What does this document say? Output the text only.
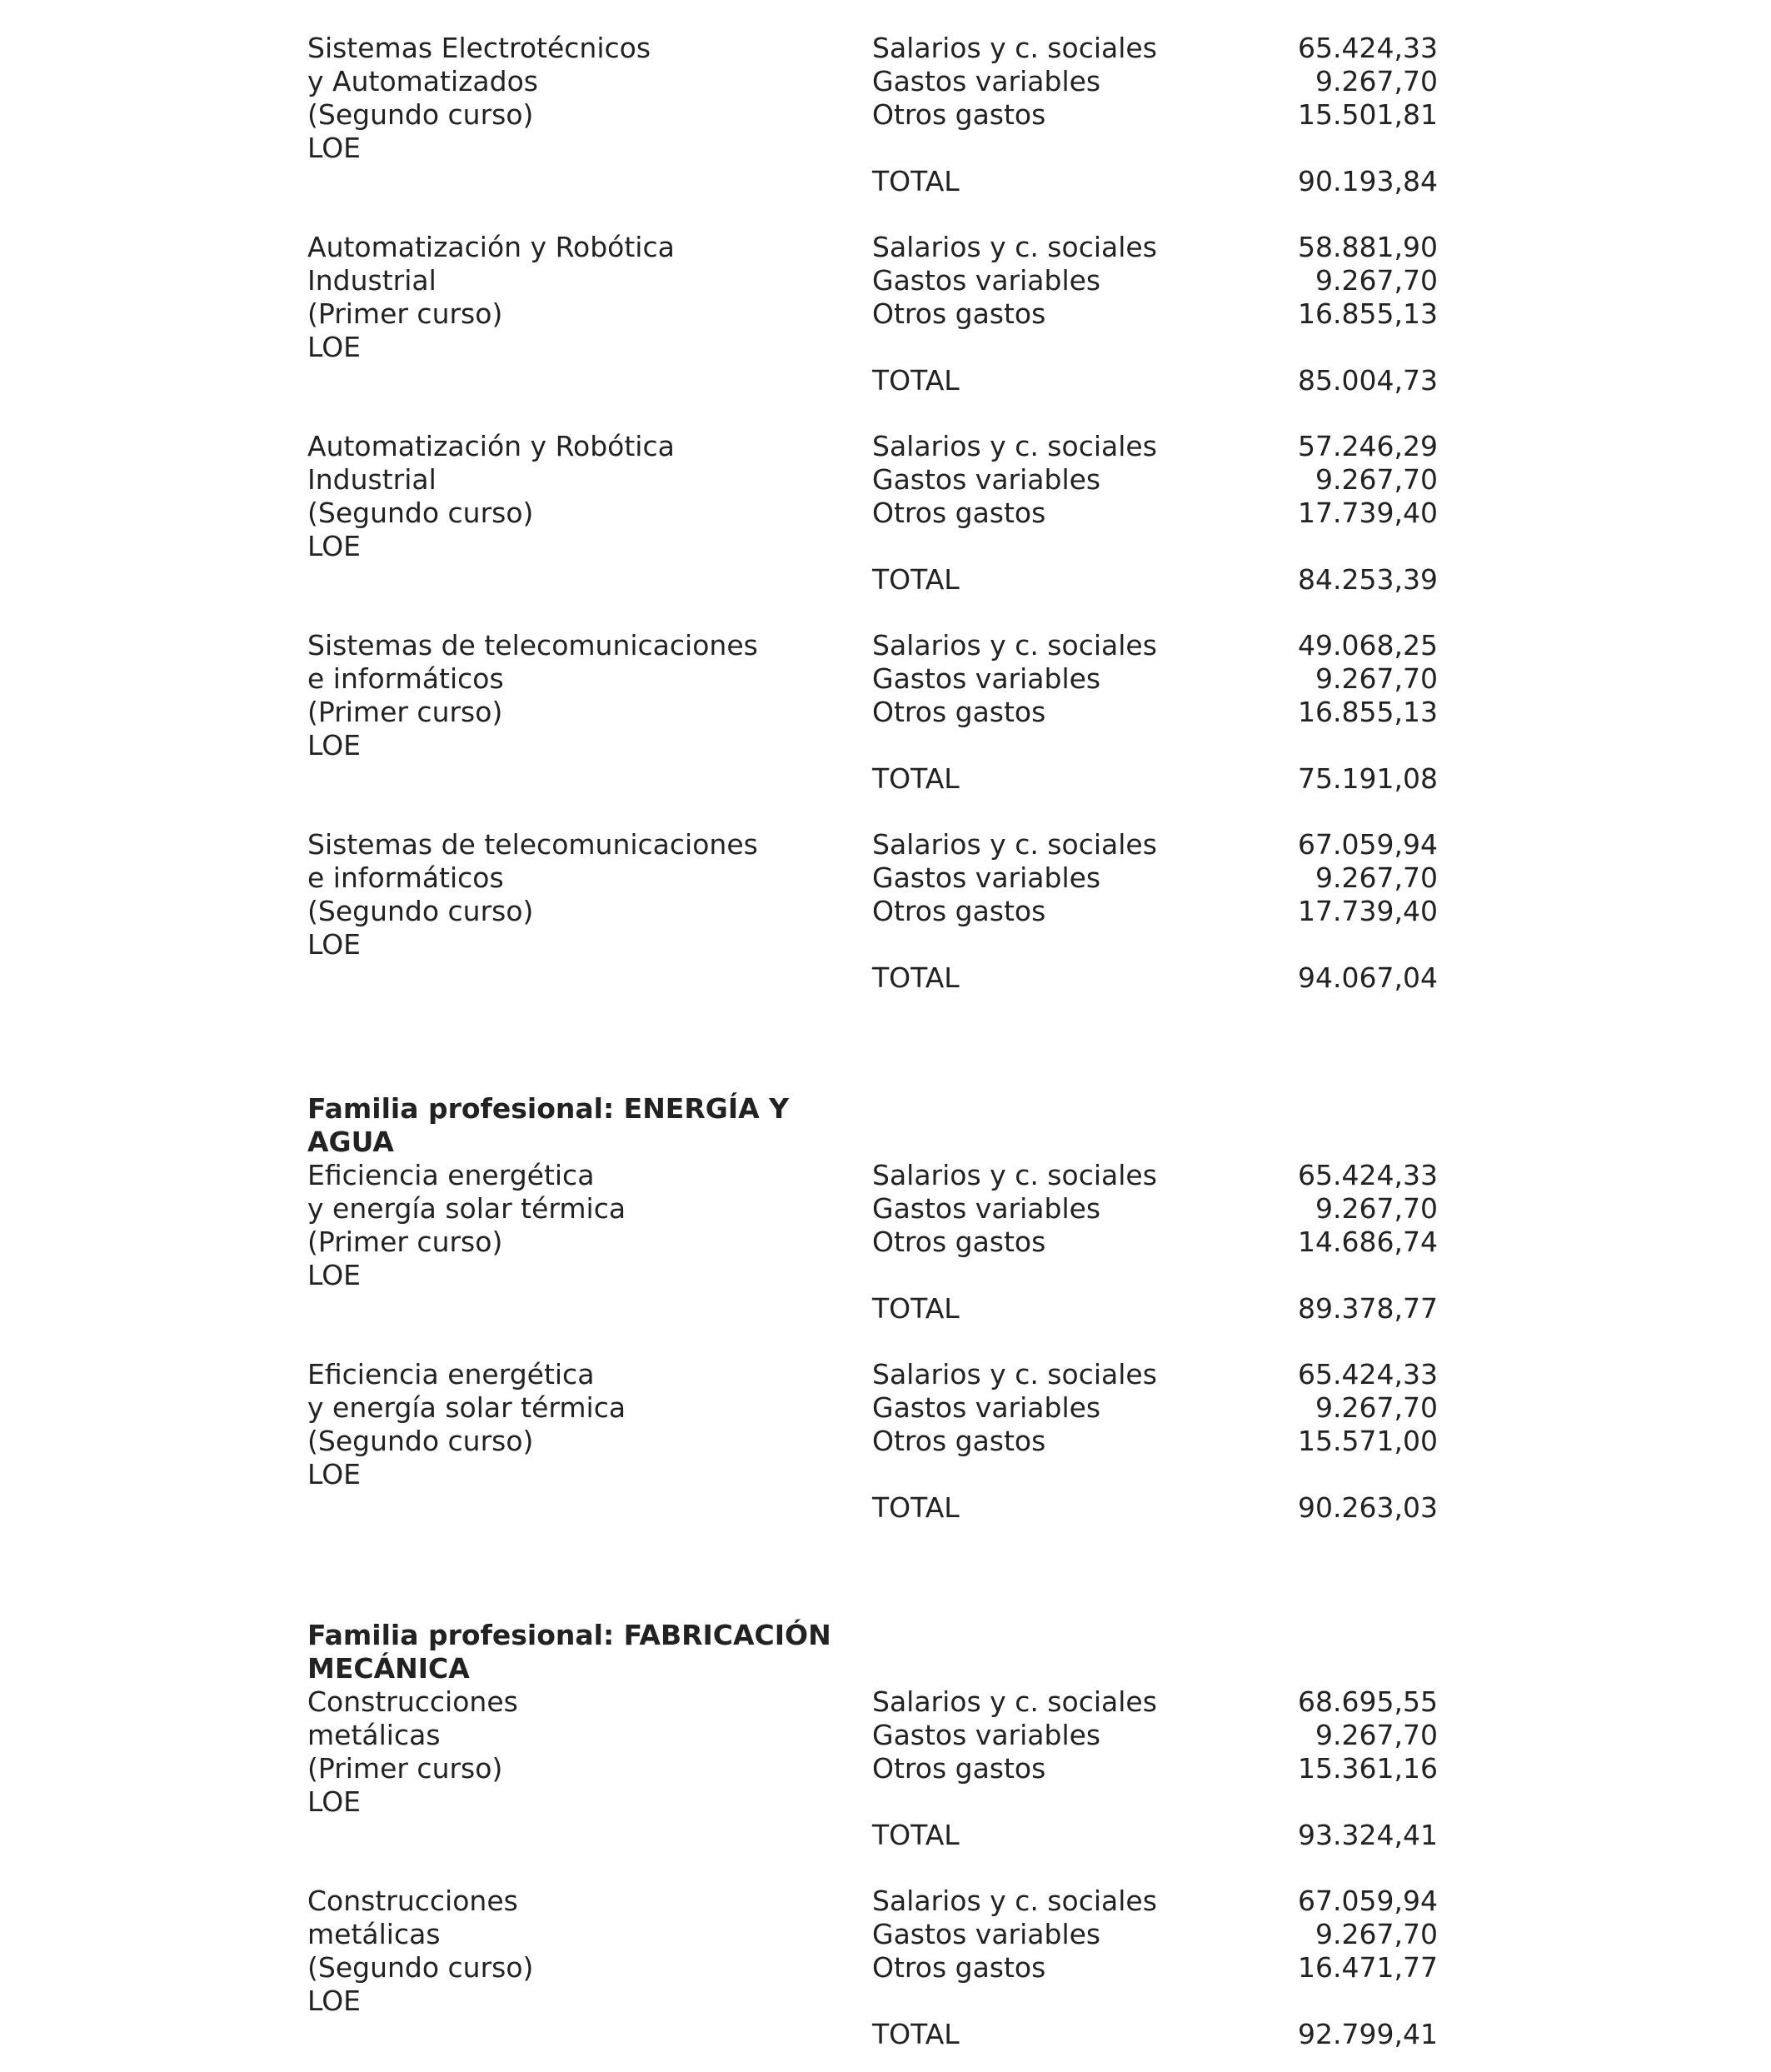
Sistemas Electrotécnicos
y Automatizados
(Segundo curso)
LOE
Salarios y c. sociales	65.424,33
Gastos variables	9.267,70
Otros gastos	15.501,81
TOTAL	90.193,84
Automatización y Robótica
Industrial
(Primer curso)
LOE
Salarios y c. sociales	58.881,90
Gastos variables	9.267,70
Otros gastos	16.855,13
TOTAL	85.004,73
Automatización y Robótica
Industrial
(Segundo curso)
LOE
Salarios y c. sociales	57.246,29
Gastos variables	9.267,70
Otros gastos	17.739,40
TOTAL	84.253,39
Sistemas de telecomunicaciones
e informáticos
(Primer curso)
LOE
Salarios y c. sociales	49.068,25
Gastos variables	9.267,70
Otros gastos	16.855,13
TOTAL	75.191,08
Sistemas de telecomunicaciones
e informáticos
(Segundo curso)
LOE
Salarios y c. sociales	67.059,94
Gastos variables	9.267,70
Otros gastos	17.739,40
TOTAL	94.067,04
Familia profesional: ENERGÍA Y AGUA
Eficiencia energética
y energía solar térmica
(Primer curso)
LOE
Salarios y c. sociales	65.424,33
Gastos variables	9.267,70
Otros gastos	14.686,74
TOTAL	89.378,77
Eficiencia energética
y energía solar térmica
(Segundo curso)
LOE
Salarios y c. sociales	65.424,33
Gastos variables	9.267,70
Otros gastos	15.571,00
TOTAL	90.263,03
Familia profesional: FABRICACIÓN MECÁNICA
Construcciones
metálicas
(Primer curso)
LOE
Salarios y c. sociales	68.695,55
Gastos variables	9.267,70
Otros gastos	15.361,16
TOTAL	93.324,41
Construcciones
metálicas
(Segundo curso)
LOE
Salarios y c. sociales	67.059,94
Gastos variables	9.267,70
Otros gastos	16.471,77
TOTAL	92.799,41
